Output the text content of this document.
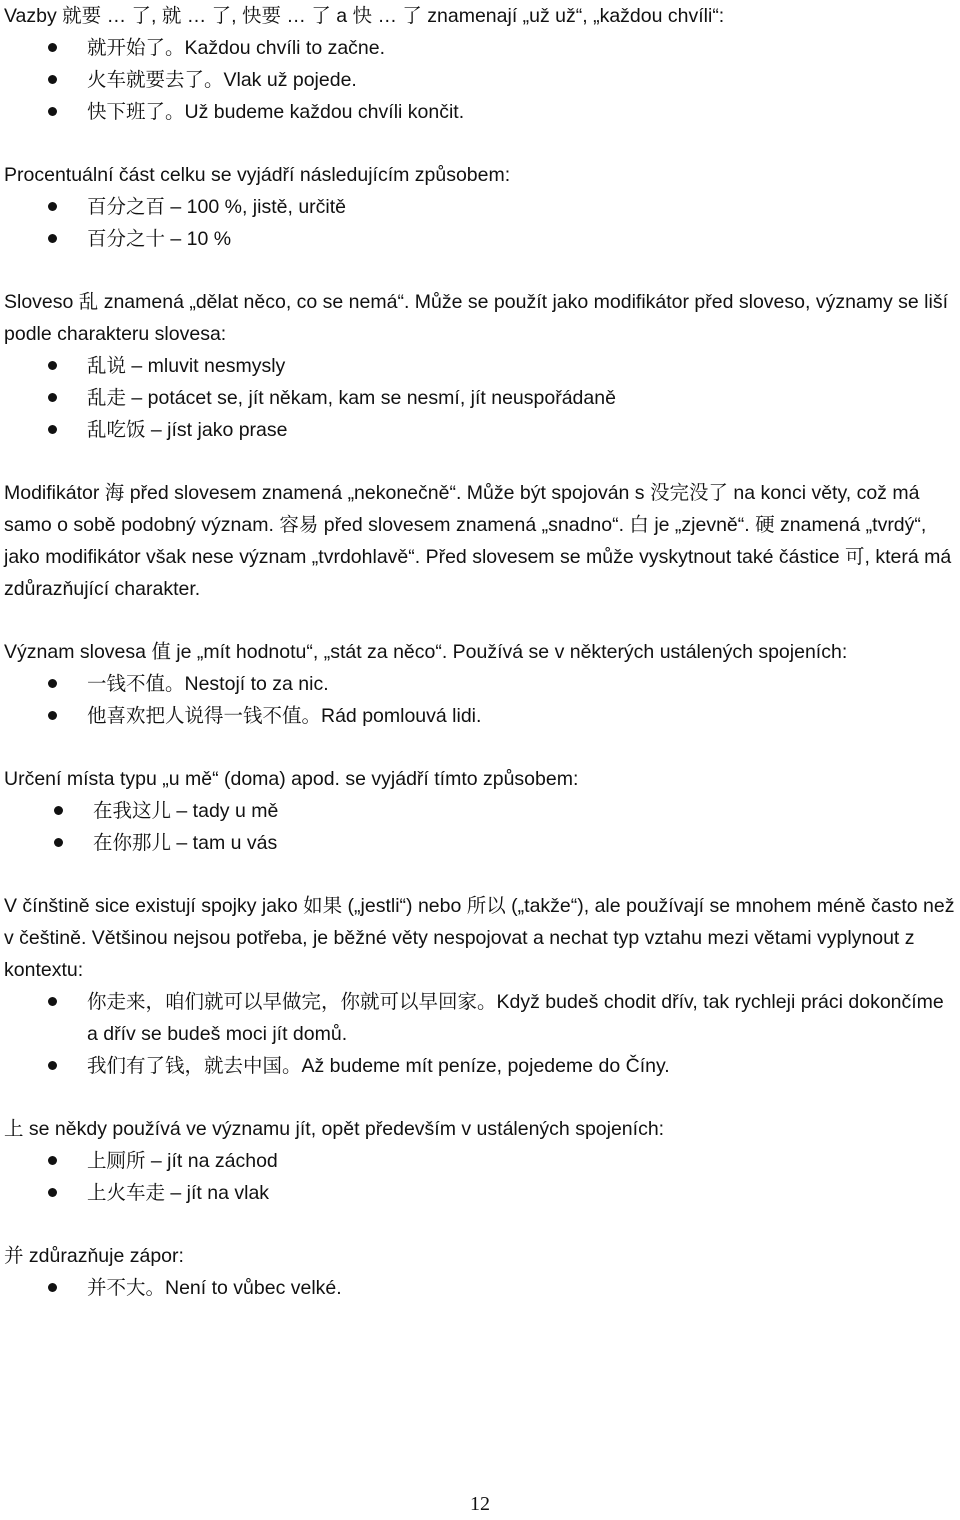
Vazby 就要 … 了, 就 … 了, 快要 … 了 a 快 … 了 znamenají „už už“, „každou chvíli“:

就开始了。Každou chvíli to začne.
火车就要去了。Vlak už pojede.
快下班了。Už budeme každou chvíli končit.

Procentuální část celku se vyjádří následujícím způsobem:

百分之百 – 100 %, jistě, určitě
百分之十 – 10 %

Sloveso 乱 znamená „dělat něco, co se nemá“. Může se použít jako modifikátor před sloveso, významy se liší podle charakteru slovesa:

乱说 – mluvit nesmysly
乱走 – potácet se, jít někam, kam se nesmí, jít neuspořádaně
乱吃饭 – jíst jako prase

Modifikátor 海 před slovesem znamená „nekonečně“. Může být spojován s 没完没了 na konci věty, což má samo o sobě podobný význam. 容易 před slovesem znamená „snadno“. 白 je „zjevně“. 硬 znamená „tvrdý“, jako modifikátor však nese význam „tvrdohlavě“. Před slovesem se může vyskytnout také částice 可, která má zdůrazňující charakter.

Význam slovesa 值 je „mít hodnotu“, „stát za něco“. Používá se v některých ustálených spojeních:

一钱不值。Nestojí to za nic.
他喜欢把人说得一钱不值。Rád pomlouvá lidi.

Určení místa typu „u mě“ (doma) apod. se vyjádří tímto způsobem:

在我这儿 – tady u mě
在你那儿 – tam u vás

V čínštině sice existují spojky jako 如果 („jestli“) nebo 所以 („takže“), ale používají se mnohem méně často než v češtině. Většinou nejsou potřeba, je běžné věty nespojovat a nechat typ vztahu mezi větami vyplynout z kontextu:

你走来，咱们就可以早做完，你就可以早回家。Když budeš chodit dřív, tak rychleji práci dokončíme a dřív se budeš moci jít domů.
我们有了钱，就去中国。Až budeme mít peníze, pojedeme do Číny.

上 se někdy používá ve významu jít, opět především v ustálených spojeních:

上厕所 – jít na záchod
上火车走 – jít na vlak

并 zdůrazňuje zápor:

并不大。Není to vůbec velké.
12
